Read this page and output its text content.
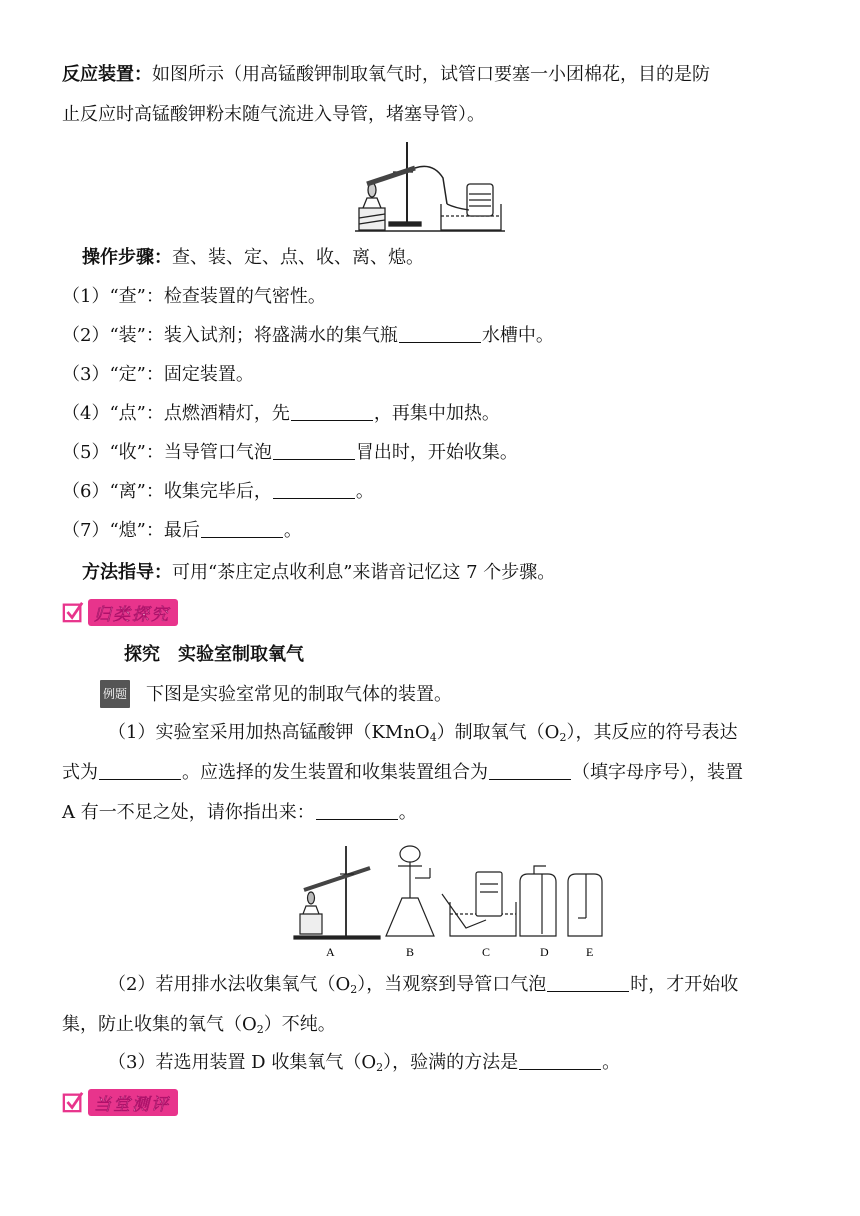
反应装置：如图所示（用高锰酸钾制取氧气时，试管口要塞一小团棉花，目的是防
止反应时高锰酸钾粉末随气流进入导管，堵塞导管）。
操作步骤：查、装、定、点、收、离、熄。
（1）“查”：检查装置的气密性。
（2）“装”：装入试剂；将盛满水的集气瓶	水槽中。
（3）“定”：固定装置。
（4）“点”：点燃酒精灯，先	，再集中加热。
（5）“收”：当导管口气泡	冒出时，开始收集。
（6）“离”：收集完毕后，	。
（7）“熄”：最后	。
方法指导：可用“茶庄定点收利息”来谐音记忆这 7 个步骤。
归类探究
探究　实验室制取氧气
例题 下图是实验室常见的制取气体的装置。
（1）实验室采用加热高锰酸钾（KMnO$_4$）制取氧气$(O_2)$，其反应的符号表达
式为	。应选择的发生装置和收集装置组合为	（填字母序号），装置
A 有一不足之处，请你指出来：	。
A	B	C	D	E
（2）若用排水法收集氧气$(O_2)$，当观察到导管口气泡	时，才开始收
集，防止收集的氧气$(O_2)$不纯。
（3）若选用装置 D 收集氧气$(O_2)$，验满的方法是	。
当堂测评
